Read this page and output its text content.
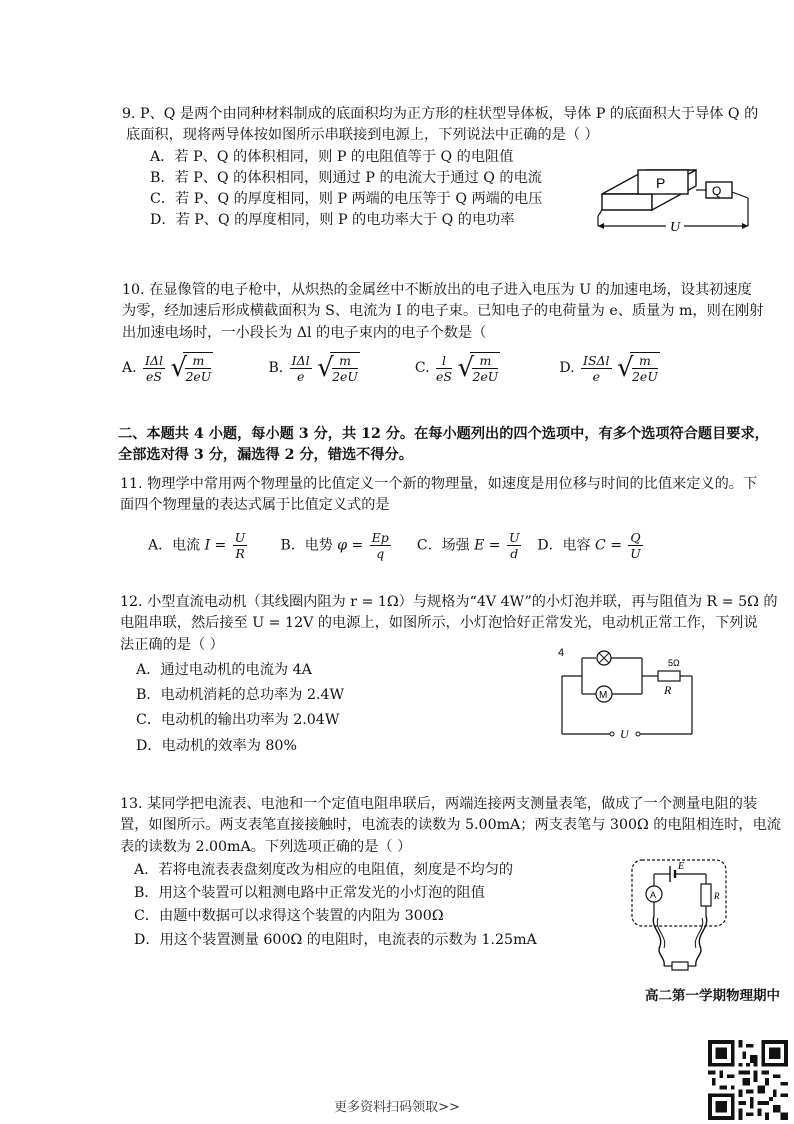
9. P、Q 是两个由同种材料制成的底面积均为正方形的柱状型导体板，导体 P 的底面积大于导体 Q 的
底面积，现将两导体按如图所示串联接到电源上，下列说法中正确的是（ ）
A．若 P、Q 的体积相同，则 P 的电阻值等于 Q 的电阻值
B．若 P、Q 的体积相同，则通过 P 的电流大于通过 Q 的电流
C．若 P、Q 的厚度相同，则 P 两端的电压等于 Q 两端的电压
D．若 P、Q 的厚度相同，则 P 的电功率大于 Q 的电功率
P	Q
U
10. 在显像管的电子枪中，从炽热的金属丝中不断放出的电子进入电压为 U 的加速电场，设其初速度
为零，经加速后形成横截面积为 S、电流为 I 的电子束。已知电子的电荷量为 e、质量为 m，则在刚射
出加速电场时，一小段长为 Δl 的电子束内的电子个数是（
A. $\frac{\text{IΔl}}{eS}$
√ $\frac{m}{2eU}$	B. $\frac{\text{IΔl}}{e}$
√ $\frac{m}{2eU}$	C. $\frac{l}{eS}$
√ $\frac{m}{2eU}$	D. $\frac{\text{ISΔl}}{e}$
√ $\frac{m}{2eU}$
二、本题共 4 小题，每小题 3 分，共 12 分。在每小题列出的四个选项中，有多个选项符合题目要求，
全部选对得 3 分，漏选得 2 分，错选不得分。
11. 物理学中常用两个物理量的比值定义一个新的物理量，如速度是用位移与时间的比值来定义的。下
面四个物理量的表达式属于比值定义式的是
A．电流 $I = \frac{U}{R}$ B．电势 $\varphi = \frac{Ep}{q}$ C．场强 $E = \frac{U}{d}$ D．电容 $C = \frac{Q}{U}$
12. 小型直流电动机（其线圈内阻为 r = 1Ω）与规格为“4V 4W”的小灯泡并联，再与阻值为 R = 5Ω 的
电阻串联，然后接至 U = 12V 的电源上，如图所示，小灯泡恰好正常发光，电动机正常工作，下列说
法正确的是（ ）
A．通过电动机的电流为 4A
B．电动机消耗的总功率为 2.4W
C．电动机的输出功率为 2.04W
D．电动机的效率为 80%
4
M
5Ω
R
U
13. 某同学把电流表、电池和一个定值电阻串联后，两端连接两支测量表笔，做成了一个测量电阻的装
置，如图所示。两支表笔直接接触时，电流表的读数为 5.00mA；两支表笔与 300Ω 的电阻相连时，电流
表的读数为 2.00mA。下列选项正确的是（ ）
A．若将电流表表盘刻度改为相应的电阻值，刻度是不均匀的
B．用这个装置可以粗测电路中正常发光的小灯泡的阻值
C．由题中数据可以求得这个装置的内阻为 300Ω
D．用这个装置测量 600Ω 的电阻时，电流表的示数为 1.25mA
E
A	R
高二第一学期物理期中
更多资料扫码领取>>
